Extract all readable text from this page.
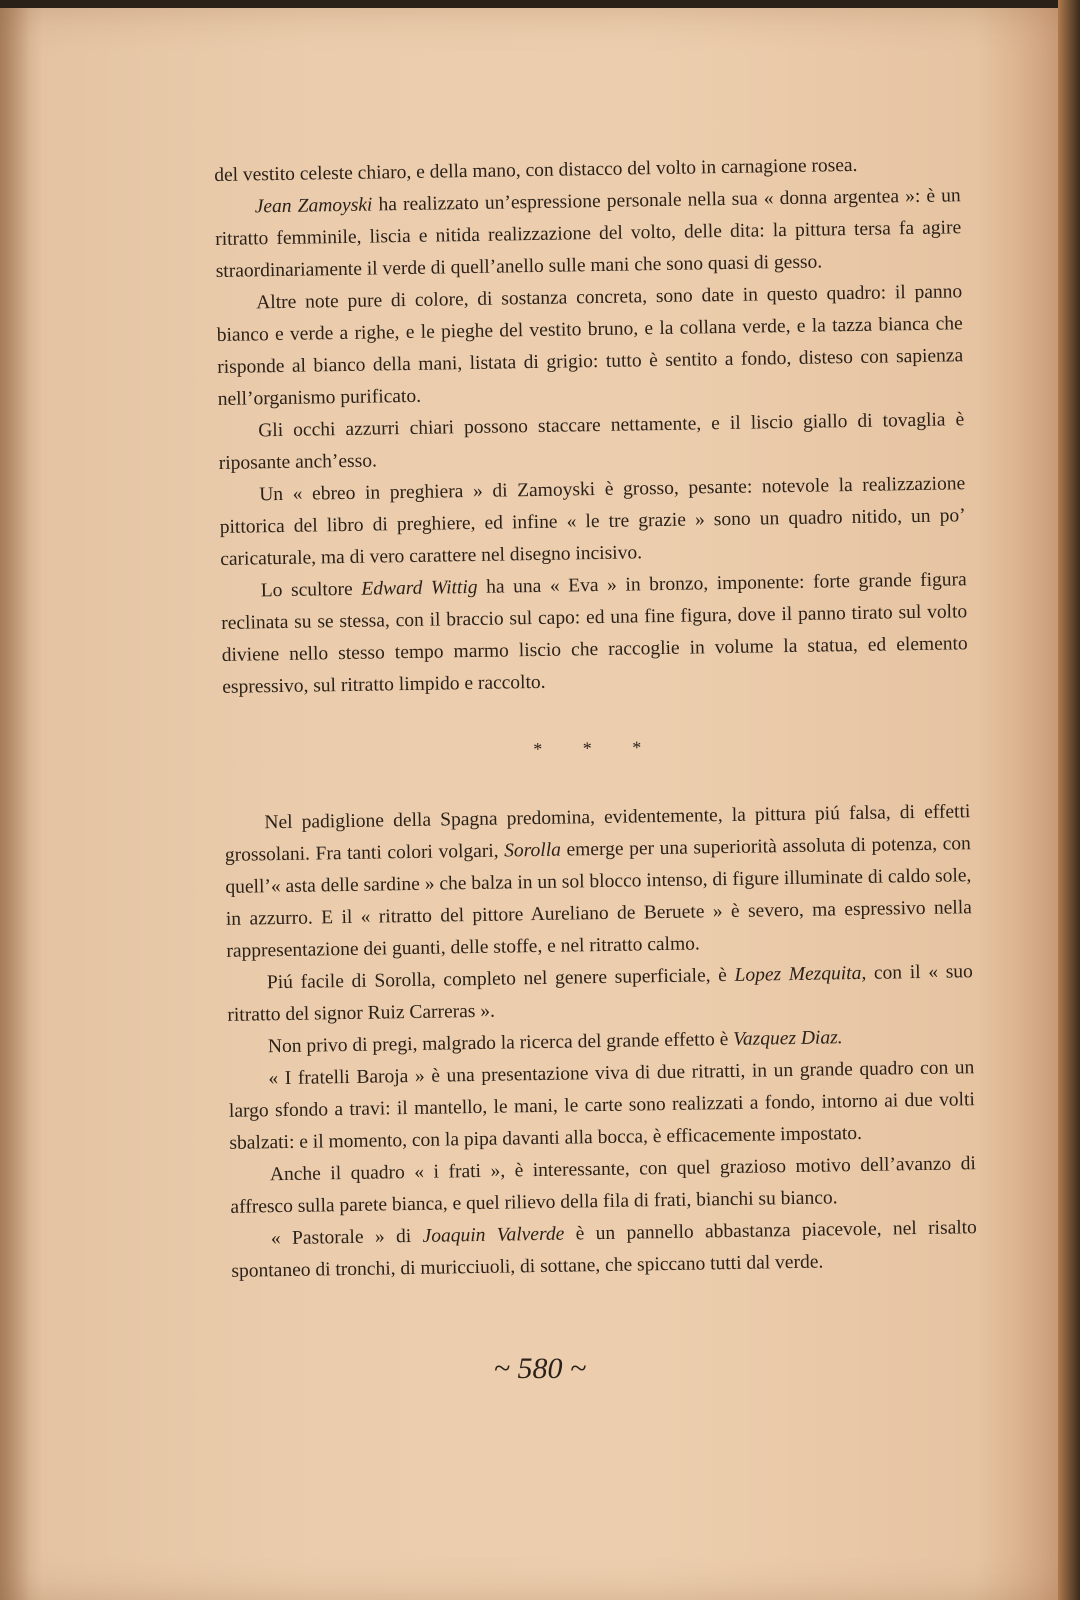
del vestito celeste chiaro, e della mano, con distacco del volto in carnagione rosea.

Jean Zamoyski ha realizzato un’espressione personale nella sua « donna argentea »: è un ritratto femminile, liscia e nitida realizzazione del volto, delle dita: la pittura tersa fa agire straordinariamente il verde di quell’anello sulle mani che sono quasi di gesso.

Altre note pure di colore, di sostanza concreta, sono date in questo quadro: il panno bianco e verde a righe, e le pieghe del vestito bruno, e la collana verde, e la tazza bianca che risponde al bianco della mani, listata di grigio: tutto è sentito a fondo, disteso con sapienza nell’organismo purificato.

Gli occhi azzurri chiari possono staccare nettamente, e il liscio giallo di tovaglia è riposante anch’esso.

Un « ebreo in preghiera » di Zamoyski è grosso, pesante: notevole la realizzazione pittorica del libro di preghiere, ed infine « le tre grazie » sono un quadro nitido, un po’ caricaturale, ma di vero carattere nel disegno incisivo.

Lo scultore Edward Wittig ha una « Eva » in bronzo, imponente: forte grande figura reclinata su se stessa, con il braccio sul capo: ed una fine figura, dove il panno tirato sul volto diviene nello stesso tempo marmo liscio che raccoglie in volume la statua, ed elemento espressivo, sul ritratto limpido e raccolto.

* * *

Nel padiglione della Spagna predomina, evidentemente, la pittura piú falsa, di effetti grossolani. Fra tanti colori volgari, Sorolla emerge per una superiorità assoluta di potenza, con quell’« asta delle sardine » che balza in un sol blocco intenso, di figure illuminate di caldo sole, in azzurro. E il « ritratto del pittore Aureliano de Beruete » è severo, ma espressivo nella rappresentazione dei guanti, delle stoffe, e nel ritratto calmo.

Piú facile di Sorolla, completo nel genere superficiale, è Lopez Mezquita, con il « suo ritratto del signor Ruiz Carreras ».

Non privo di pregi, malgrado la ricerca del grande effetto è Vazquez Diaz.

« I fratelli Baroja » è una presentazione viva di due ritratti, in un grande quadro con un largo sfondo a travi: il mantello, le mani, le carte sono realizzati a fondo, intorno ai due volti sbalzati: e il momento, con la pipa davanti alla bocca, è efficacemente impostato.

Anche il quadro « i frati », è interessante, con quel grazioso motivo dell’avanzo di affresco sulla parete bianca, e quel rilievo della fila di frati, bianchi su bianco.

« Pastorale » di Joaquin Valverde è un pannello abbastanza piacevole, nel risalto spontaneo di tronchi, di muricciuoli, di sottane, che spiccano tutti dal verde.

~ 580 ~
